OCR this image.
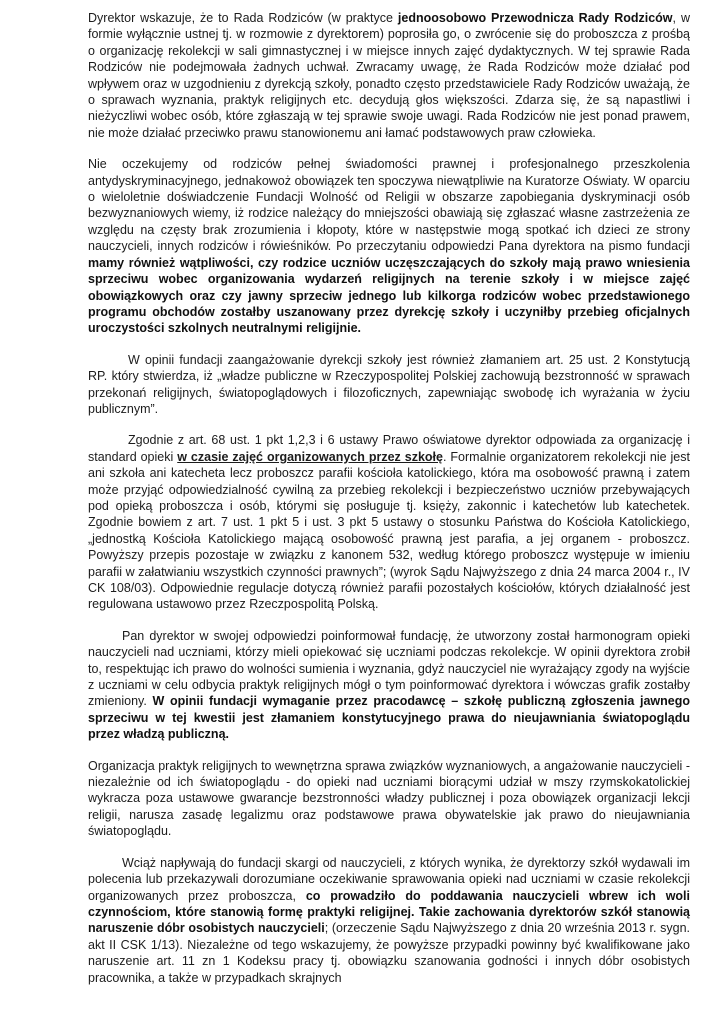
Dyrektor wskazuje, że to Rada Rodziców (w praktyce jednoosobowo Przewodnicza Rady Rodziców, w formie wyłącznie ustnej tj. w rozmowie z dyrektorem) poprosiła go, o zwrócenie się do proboszcza z prośbą o organizację rekolekcji w sali gimnastycznej i w miejsce innych zajęć dydaktycznych. W tej sprawie Rada Rodziców nie podejmowała żadnych uchwał. Zwracamy uwagę, że Rada Rodziców może działać pod wpływem oraz w uzgodnieniu z dyrekcją szkoły, ponadto często przedstawiciele Rady Rodziców uważają, że o sprawach wyznania, praktyk religijnych etc. decydują głos większości. Zdarza się, że są napastliwi i nieżyczliwi wobec osób, które zgłaszają w tej sprawie swoje uwagi. Rada Rodziców nie jest ponad prawem, nie może działać przeciwko prawu stanowionemu ani łamać podstawowych praw człowieka.

Nie oczekujemy od rodziców pełnej świadomości prawnej i profesjonalnego przeszkolenia antydyskryminacyjnego, jednakowoż obowiązek ten spoczywa niewątpliwie na Kuratorze Oświaty. W oparciu o wieloletnie doświadczenie Fundacji Wolność od Religii w obszarze zapobiegania dyskryminacji osób bezwyznaniowych wiemy, iż rodzice należący do mniejszości obawiają się zgłaszać własne zastrzeżenia ze względu na częsty brak zrozumienia i kłopoty, które w następstwie mogą spotkać ich dzieci ze strony nauczycieli, innych rodziców i rówieśników. Po przeczytaniu odpowiedzi Pana dyrektora na pismo fundacji mamy również wątpliwości, czy rodzice uczniów uczęszczających do szkoły mają prawo wniesienia sprzeciwu wobec organizowania wydarzeń religijnych na terenie szkoły i w miejsce zajęć obowiązkowych oraz czy jawny sprzeciw jednego lub kilkorga rodziców wobec przedstawionego programu obchodów zostałby uszanowany przez dyrekcję szkoły i uczyniłby przebieg oficjalnych uroczystości szkolnych neutralnymi religijnie.

W opinii fundacji zaangażowanie dyrekcji szkoły jest również złamaniem art. 25 ust. 2 Konstytucją RP. który stwierdza, iż „władze publiczne w Rzeczypospolitej Polskiej zachowują bezstronność w sprawach przekonań religijnych, światopoglądowych i filozoficznych, zapewniając swobodę ich wyrażania w życiu publicznym”.

Zgodnie z art. 68 ust. 1 pkt 1,2,3 i 6 ustawy Prawo oświatowe dyrektor odpowiada za organizację i standard opieki w czasie zajęć organizowanych przez szkołę. Formalnie organizatorem rekolekcji nie jest ani szkoła ani katecheta lecz proboszcz parafii kościoła katolickiego, która ma osobowość prawną i zatem może przyjąć odpowiedzialność cywilną za przebieg rekolekcji i bezpieczeństwo uczniów przebywających pod opieką proboszcza i osób, którymi się posługuje tj. księży, zakonnic i katechetów lub katechetek. Zgodnie bowiem z art. 7 ust. 1 pkt 5 i ust. 3 pkt 5 ustawy o stosunku Państwa do Kościoła Katolickiego, „jednostką Kościoła Katolickiego mającą osobowość prawną jest parafia, a jej organem - proboszcz. Powyższy przepis pozostaje w związku z kanonem 532, według którego proboszcz występuje w imieniu parafii w załatwianiu wszystkich czynności prawnych”; (wyrok Sądu Najwyższego z dnia 24 marca 2004 r., IV CK 108/03). Odpowiednie regulacje dotyczą również parafii pozostałych kościołów, których działalność jest regulowana ustawowo przez Rzeczpospolitą Polską.

Pan dyrektor w swojej odpowiedzi poinformował fundację, że utworzony został harmonogram opieki nauczycieli nad uczniami, którzy mieli opiekować się uczniami podczas rekolekcje. W opinii dyrektora zrobił to, respektując ich prawo do wolności sumienia i wyznania, gdyż nauczyciel nie wyrażający zgody na wyjście z uczniami w celu odbycia praktyk religijnych mógł o tym poinformować dyrektora i wówczas grafik zostałby zmieniony. W opinii fundacji wymaganie przez pracodawcę – szkołę publiczną zgłoszenia jawnego sprzeciwu w tej kwestii jest złamaniem konstytucyjnego prawa do nieujawniania światopoglądu przez władzą publiczną.

Organizacja praktyk religijnych to wewnętrzna sprawa związków wyznaniowych, a angażowanie nauczycieli - niezależnie od ich światopoglądu - do opieki nad uczniami biorącymi udział w mszy rzymskokatolickiej wykracza poza ustawowe gwarancje bezstronności władzy publicznej i poza obowiązek organizacji lekcji religii, narusza zasadę legalizmu oraz podstawowe prawa obywatelskie jak prawo do nieujawniania światopoglądu.

Wciąż napływają do fundacji skargi od nauczycieli, z których wynika, że dyrektorzy szkół wydawali im polecenia lub przekazywali dorozumiane oczekiwanie sprawowania opieki nad uczniami w czasie rekolekcji organizowanych przez proboszcza, co prowadziło do poddawania nauczycieli wbrew ich woli czynnościom, które stanowią formę praktyki religijnej. Takie zachowania dyrektorów szkół stanowią naruszenie dóbr osobistych nauczycieli; (orzeczenie Sądu Najwyższego z dnia 20 września 2013 r. sygn. akt II CSK 1/13). Niezależne od tego wskazujemy, że powyższe przypadki powinny być kwalifikowane jako naruszenie art. 11 zn 1 Kodeksu pracy tj. obowiązku szanowania godności i innych dóbr osobistych pracownika, a także w przypadkach skrajnych
